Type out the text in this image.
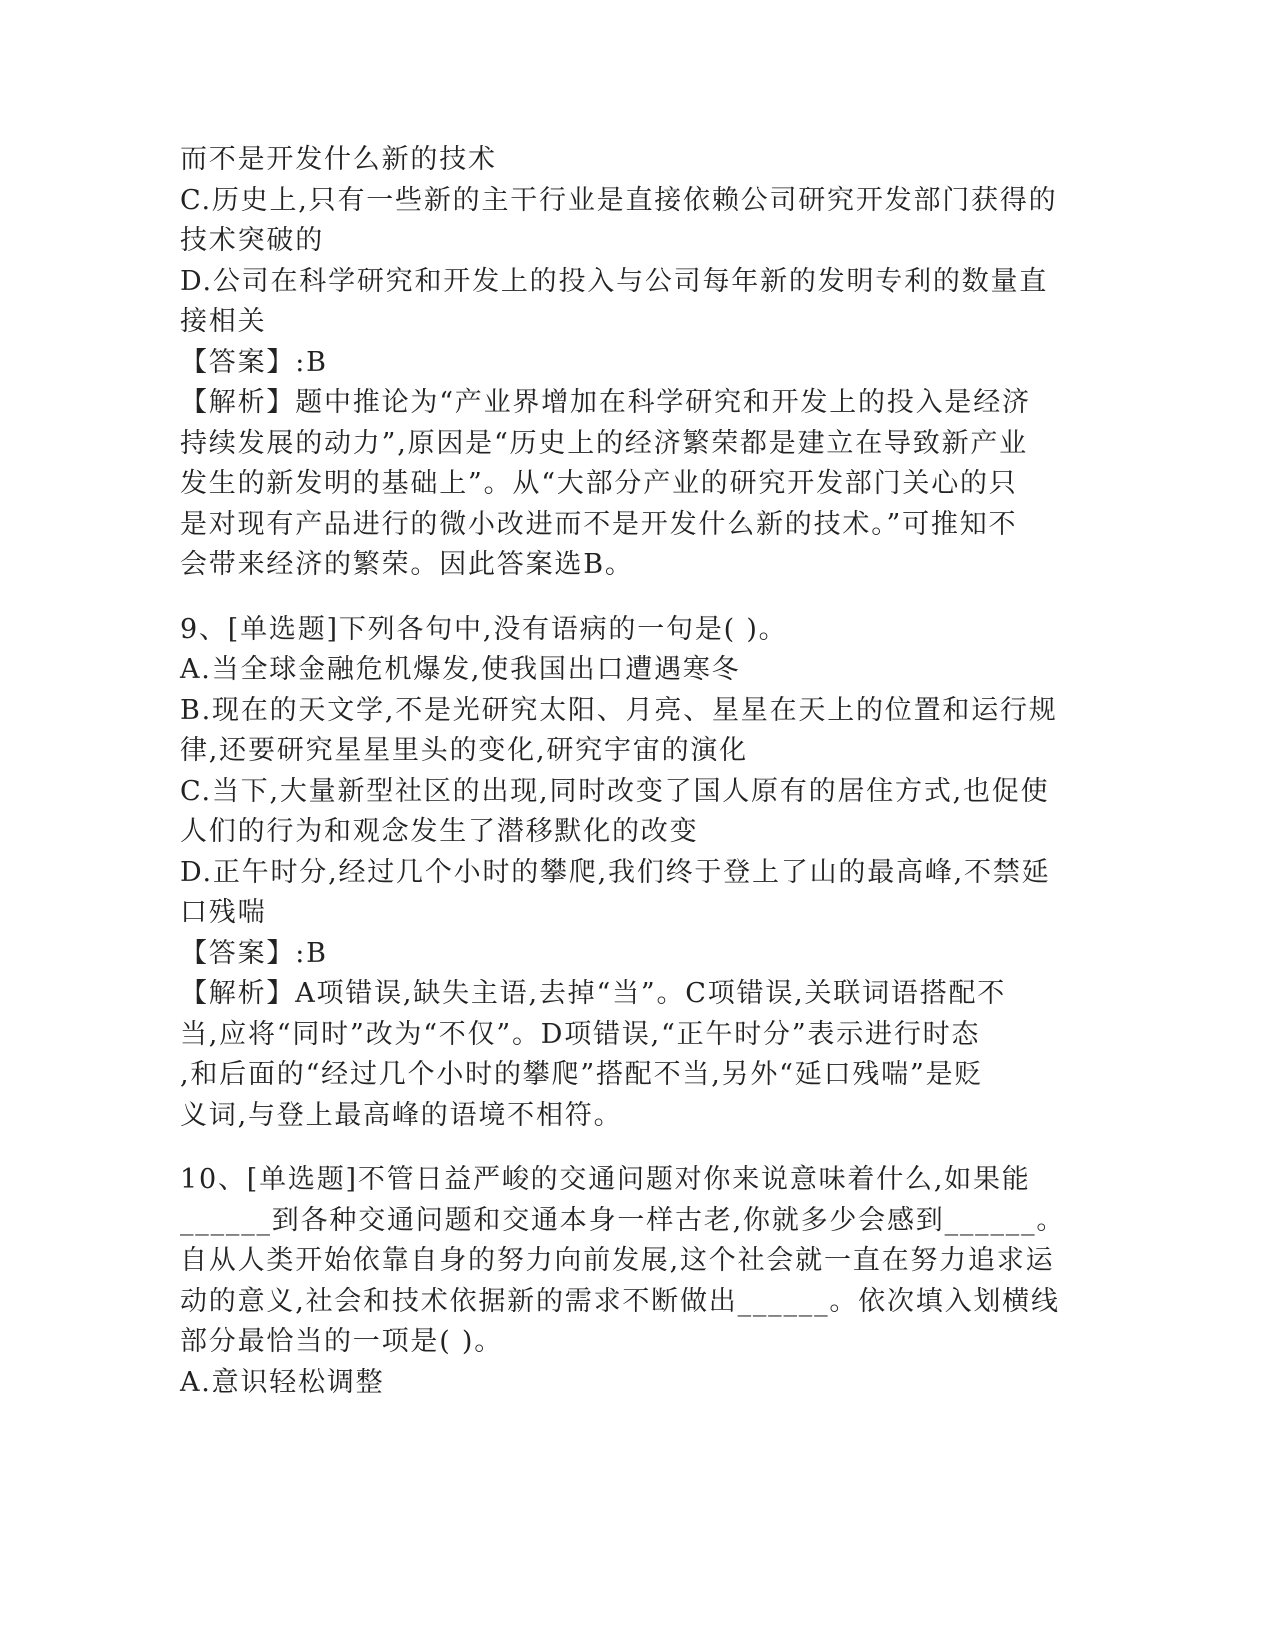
而不是开发什么新的技术
C.历史上,只有一些新的主干行业是直接依赖公司研究开发部门获得的
技术突破的
D.公司在科学研究和开发上的投入与公司每年新的发明专利的数量直
接相关
【答案】:B
【解析】题中推论为“产业界增加在科学研究和开发上的投入是经济
持续发展的动力”,原因是“历史上的经济繁荣都是建立在导致新产业
发生的新发明的基础上”。从“大部分产业的研究开发部门关心的只
是对现有产品进行的微小改进而不是开发什么新的技术。”可推知不
会带来经济的繁荣。因此答案选B。
9、[单选题]下列各句中,没有语病的一句是( )。
A.当全球金融危机爆发,使我国出口遭遇寒冬
B.现在的天文学,不是光研究太阳、月亮、星星在天上的位置和运行规
律,还要研究星星里头的变化,研究宇宙的演化
C.当下,大量新型社区的出现,同时改变了国人原有的居住方式,也促使
人们的行为和观念发生了潜移默化的改变
D.正午时分,经过几个小时的攀爬,我们终于登上了山的最高峰,不禁延
口残喘
【答案】:B
【解析】A项错误,缺失主语,去掉“当”。C项错误,关联词语搭配不
当,应将“同时”改为“不仅”。D项错误,“正午时分”表示进行时态
,和后面的“经过几个小时的攀爬”搭配不当,另外“延口残喘”是贬
义词,与登上最高峰的语境不相符。
10、[单选题]不管日益严峻的交通问题对你来说意味着什么,如果能
______到各种交通问题和交通本身一样古老,你就多少会感到______。
自从人类开始依靠自身的努力向前发展,这个社会就一直在努力追求运
动的意义,社会和技术依据新的需求不断做出______。依次填入划横线
部分最恰当的一项是( )。
A.意识轻松调整
